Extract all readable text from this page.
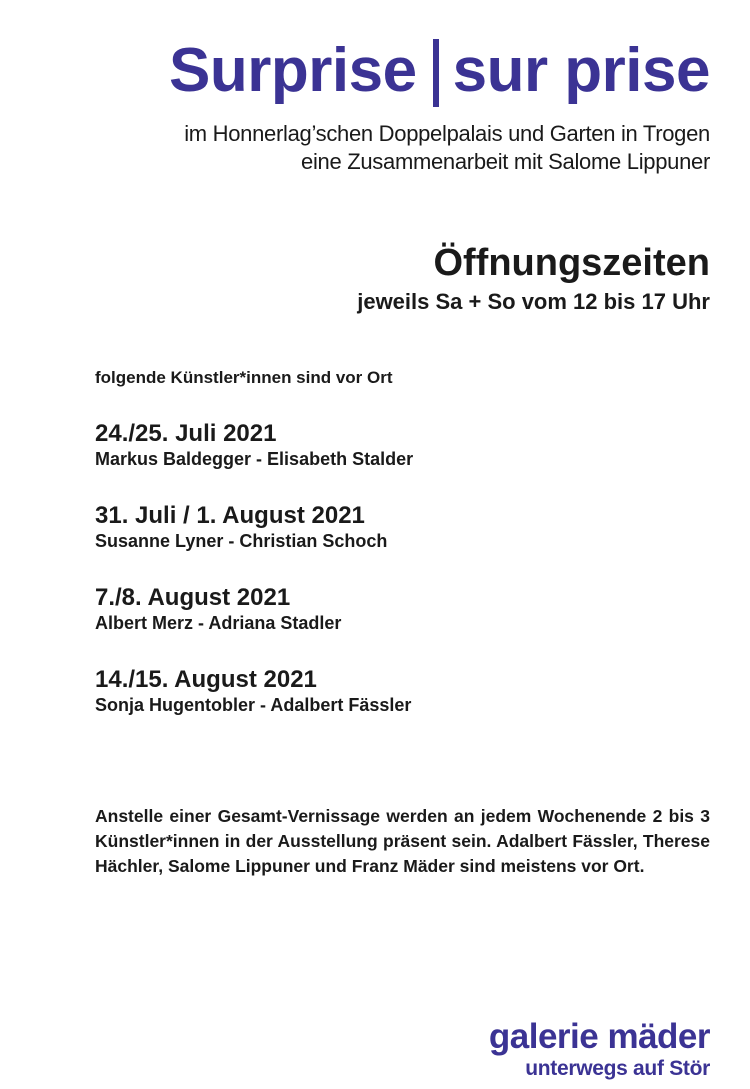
Surprise sur prise
im Honnerlag’schen Doppelpalais und Garten in Trogen
eine Zusammenarbeit mit Salome Lippuner
Öffnungszeiten

jeweils Sa + So vom 12 bis 17 Uhr

folgende Künstler*innen sind vor Ort

24./25. Juli 2021
Markus Baldegger - Elisabeth Stalder
31. Juli / 1. August 2021
Susanne Lyner - Christian Schoch
7./8. August 2021
Albert Merz - Adriana Stadler
14./15. August 2021
Sonja Hugentobler - Adalbert Fässler

Anstelle einer Gesamt-Vernissage werden an jedem Wochenende 2 bis 3 Künstler*innen in der Ausstellung präsent sein. Adalbert Fässler, Therese Hächler, Salome Lippuner und Franz Mäder sind meistens vor Ort.

galerie mäder
unterwegs auf Stör
